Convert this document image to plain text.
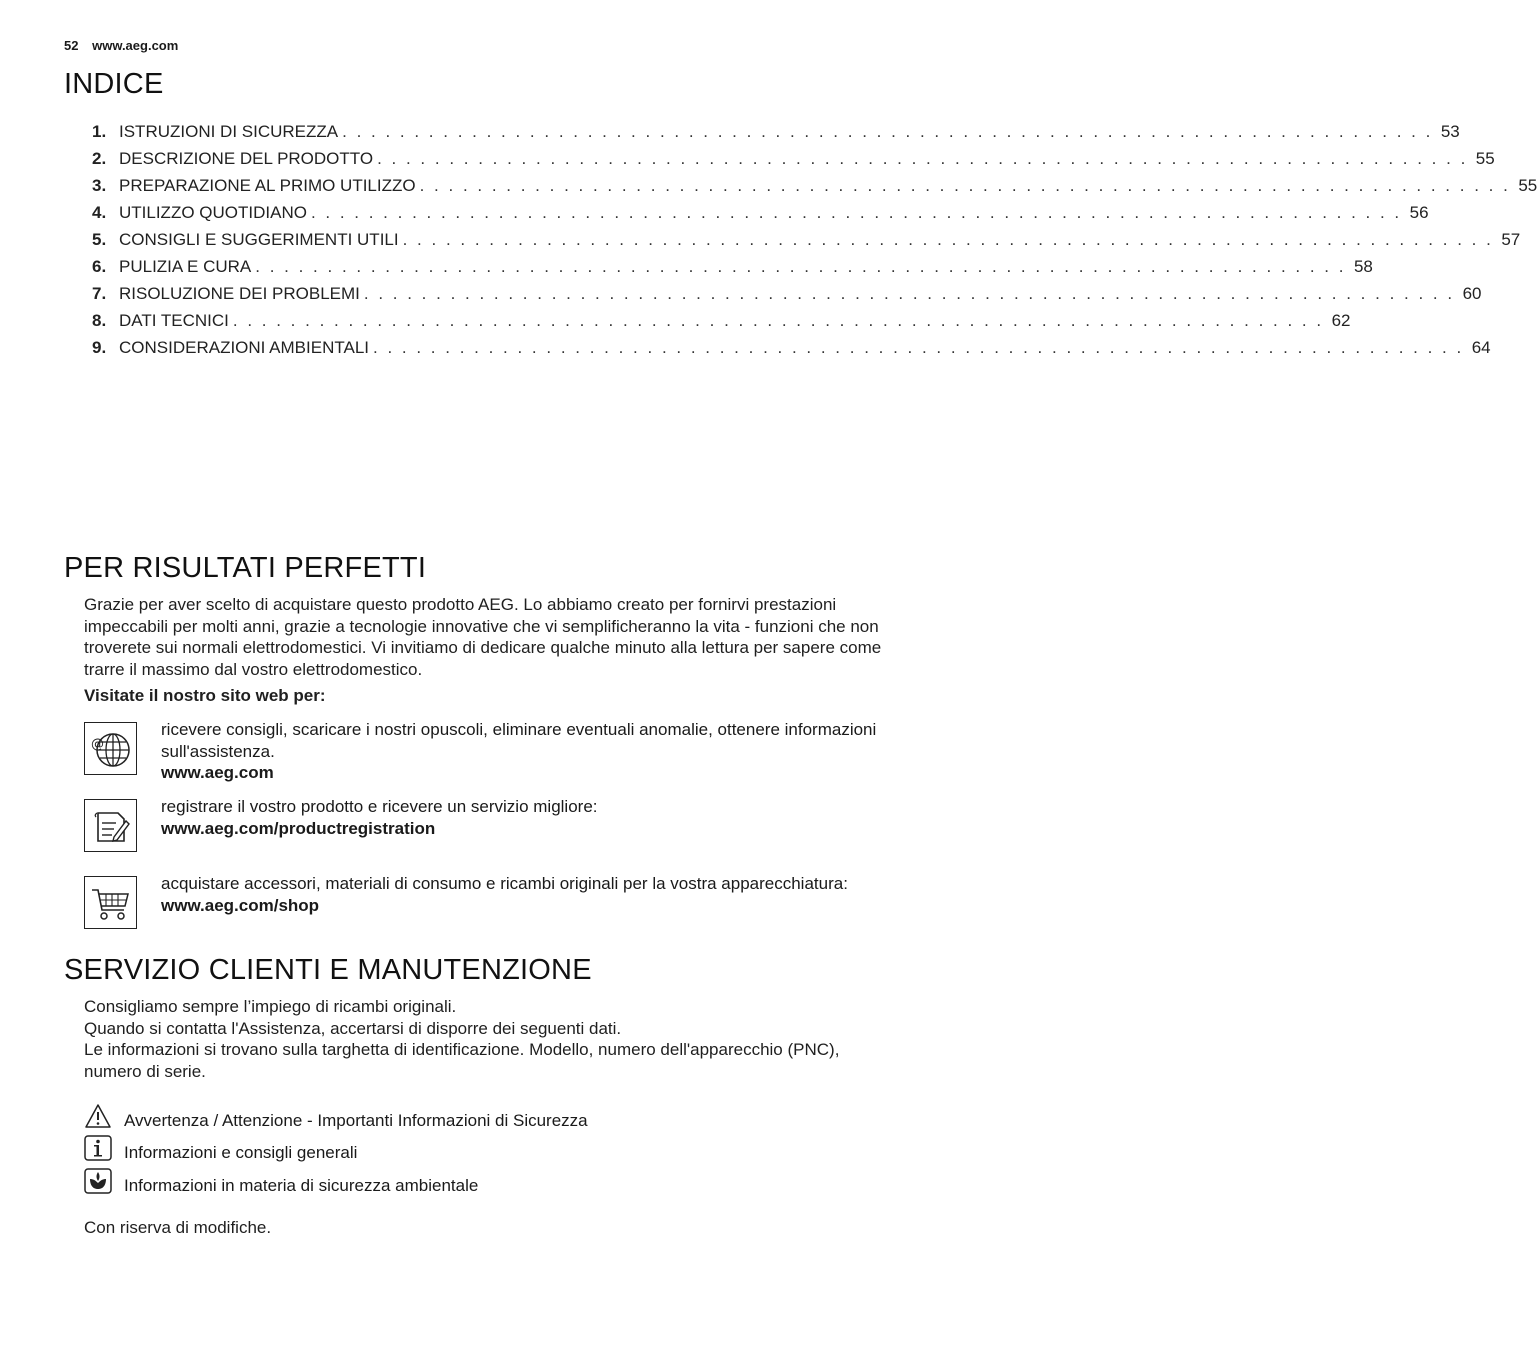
52 www.aeg.com
INDICE
1. ISTRUZIONI DI SICUREZZA . . . . . . . . . . . . . . . . . . . . . . . . . . . . . . . . . . . . . . . . . . . . . . . . . . . . . . . . . . . . . . . . . . . . . . . . . . . . 53
2. DESCRIZIONE DEL PRODOTTO . . . . . . . . . . . . . . . . . . . . . . . . . . . . . . . . . . . . . . . . . . . . . . . . . . . . . . . . . . . . . . . . . . . . . . . . . . . . 55
3. PREPARAZIONE AL PRIMO UTILIZZO . . . . . . . . . . . . . . . . . . . . . . . . . . . . . . . . . . . . . . . . . . . . . . . . . . . . . . . . . . . . . . . . . . . . . . . . . . . . 55
4. UTILIZZO QUOTIDIANO . . . . . . . . . . . . . . . . . . . . . . . . . . . . . . . . . . . . . . . . . . . . . . . . . . . . . . . . . . . . . . . . . . . . . . . . . . . . 56
5. CONSIGLI E SUGGERIMENTI UTILI . . . . . . . . . . . . . . . . . . . . . . . . . . . . . . . . . . . . . . . . . . . . . . . . . . . . . . . . . . . . . . . . . . . . . . . . . . . . 57
6. PULIZIA E CURA . . . . . . . . . . . . . . . . . . . . . . . . . . . . . . . . . . . . . . . . . . . . . . . . . . . . . . . . . . . . . . . . . . . . . . . . . . . . 58
7. RISOLUZIONE DEI PROBLEMI . . . . . . . . . . . . . . . . . . . . . . . . . . . . . . . . . . . . . . . . . . . . . . . . . . . . . . . . . . . . . . . . . . . . . . . . . . . . 60
8. DATI TECNICI . . . . . . . . . . . . . . . . . . . . . . . . . . . . . . . . . . . . . . . . . . . . . . . . . . . . . . . . . . . . . . . . . . . . . . . . . . . . 62
9. CONSIDERAZIONI AMBIENTALI . . . . . . . . . . . . . . . . . . . . . . . . . . . . . . . . . . . . . . . . . . . . . . . . . . . . . . . . . . . . . . . . . . . . . . . . . . . . 64
PER RISULTATI PERFETTI
Grazie per aver scelto di acquistare questo prodotto AEG. Lo abbiamo creato per fornirvi prestazioni impeccabili per molti anni, grazie a tecnologie innovative che vi semplificheranno la vita - funzioni che non troverete sui normali elettrodomestici. Vi invitiamo di dedicare qualche minuto alla lettura per sapere come trarre il massimo dal vostro elettrodomestico.
Visitate il nostro sito web per:
@
ricevere consigli, scaricare i nostri opuscoli, eliminare eventuali anomalie, ottenere informazioni sull'assistenza.
www.aeg.com
registrare il vostro prodotto e ricevere un servizio migliore:
www.aeg.com/productregistration
acquistare accessori, materiali di consumo e ricambi originali per la vostra apparecchiatura:
www.aeg.com/shop
SERVIZIO CLIENTI E MANUTENZIONE
Consigliamo sempre l’impiego di ricambi originali.
Quando si contatta l'Assistenza, accertarsi di disporre dei seguenti dati.
Le informazioni si trovano sulla targhetta di identificazione. Modello, numero dell'apparecchio (PNC), numero di serie.
Avvertenza / Attenzione - Importanti Informazioni di Sicurezza
Informazioni e consigli generali
Informazioni in materia di sicurezza ambientale
Con riserva di modifiche.
